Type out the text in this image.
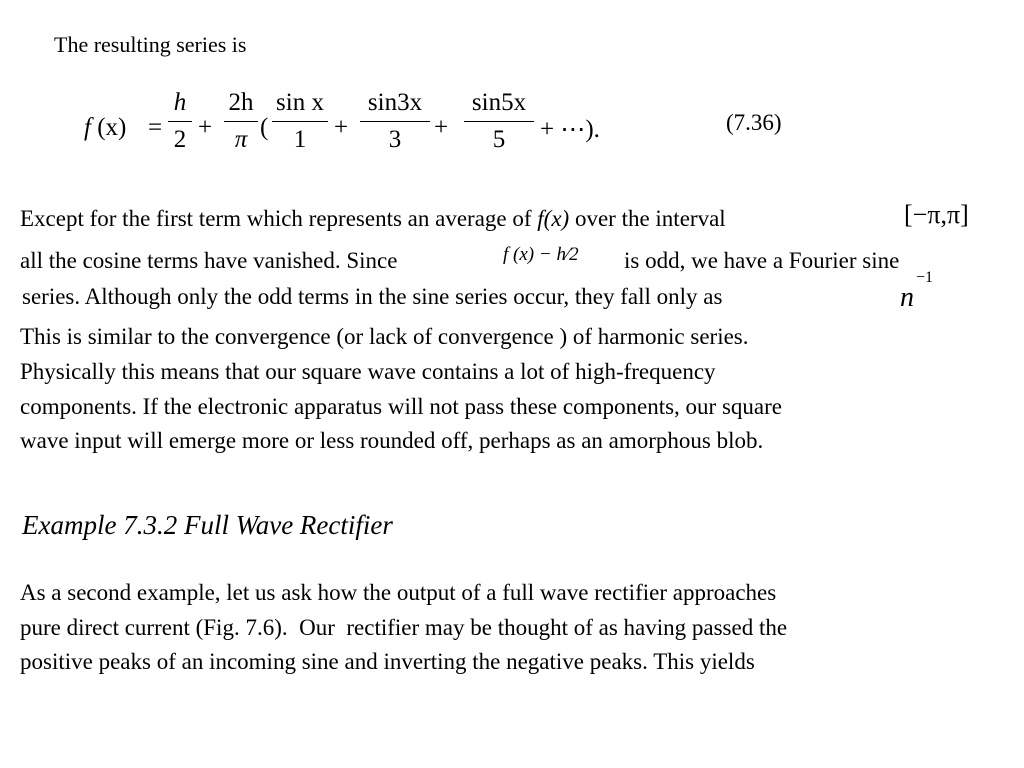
The resulting series is
f (x) =
h
2 +
2h
π (
sin x
1	+
sin3x
3	+
sin5x
5	+ ⋯).	(7.36)
Except for the first term which represents an average of f(x) over the interval	[−π,π]
all the cosine terms have vanished. Since	f (x) − h⁄2 is odd, we have a Fourier sine
series. Although only the odd terms in the sine series occur, they fall only as	$n^{-1}$
This is similar to the convergence (or lack of convergence ) of harmonic series.
Physically this means that our square wave contains a lot of high-frequency
components. If the electronic apparatus will not pass these components, our square
wave input will emerge more or less rounded off, perhaps as an amorphous blob.
Example 7.3.2 Full Wave Rectifier
As a second example, let us ask how the output of a full wave rectifier approaches
pure direct current (Fig. 7.6).  Our  rectifier may be thought of as having passed the
positive peaks of an incoming sine and inverting the negative peaks. This yields
